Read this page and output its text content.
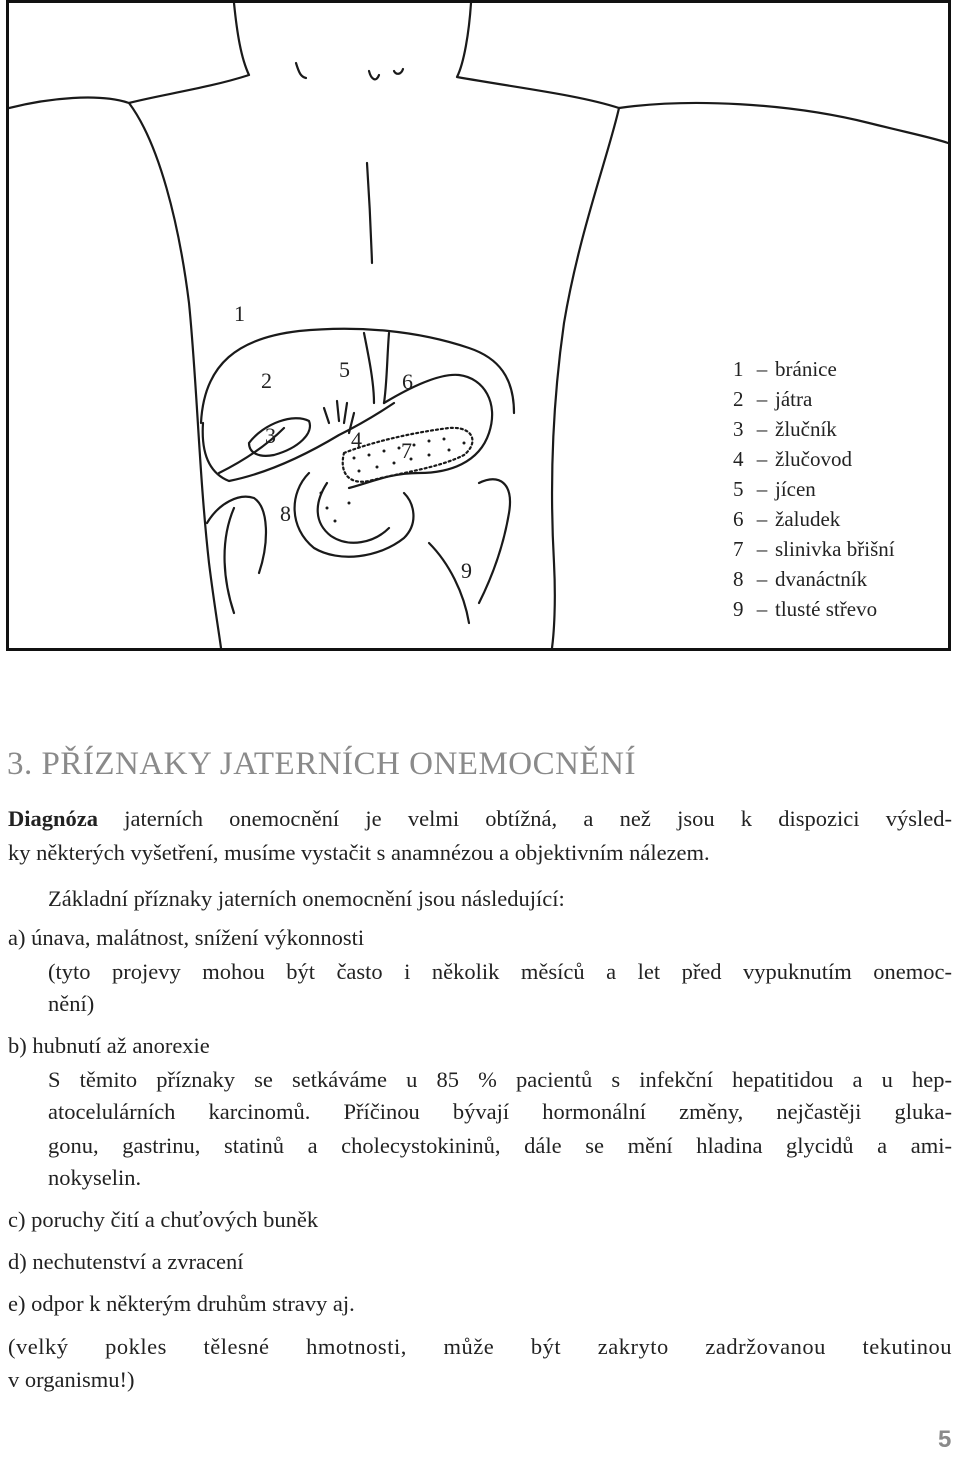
1
2
3	4
5 6
7
8
9
1 – bránice
2 – játra
3 – žlučník
4 – žlučovod
5 – jícen
6 – žaludek
7 – slinivka břišní
8 – dvanáctník
9 – tlusté střevo
3. PŘÍZNAKY JATERNÍCH ONEMOCNĚNÍ
Diagnóza jaterních onemocnění je velmi obtížná, a než jsou k dispozici výsled-
ky některých vyšetření, musíme vystačit s anamnézou a objektivním nálezem.
Základní příznaky jaterních onemocnění jsou následující:
a) únava, malátnost, snížení výkonnosti
(tyto projevy mohou být často i několik měsíců a let před vypuknutím onemoc-
nění)
b) hubnutí až anorexie
S těmito příznaky se setkáváme u 85 % pacientů s infekční hepatitidou a u hep-
atocelulárních karcinomů. Příčinou bývají hormonální změny, nejčastěji gluka-
gonu, gastrinu, statinů a cholecystokininů, dále se mění hladina glycidů a ami-
nokyselin.
c) poruchy čití a chuťových buněk
d) nechutenství a zvracení
e) odpor k některým druhům stravy aj.
(velký pokles tělesné hmotnosti, může být zakryto zadržovanou tekutinou
v organismu!)
5
